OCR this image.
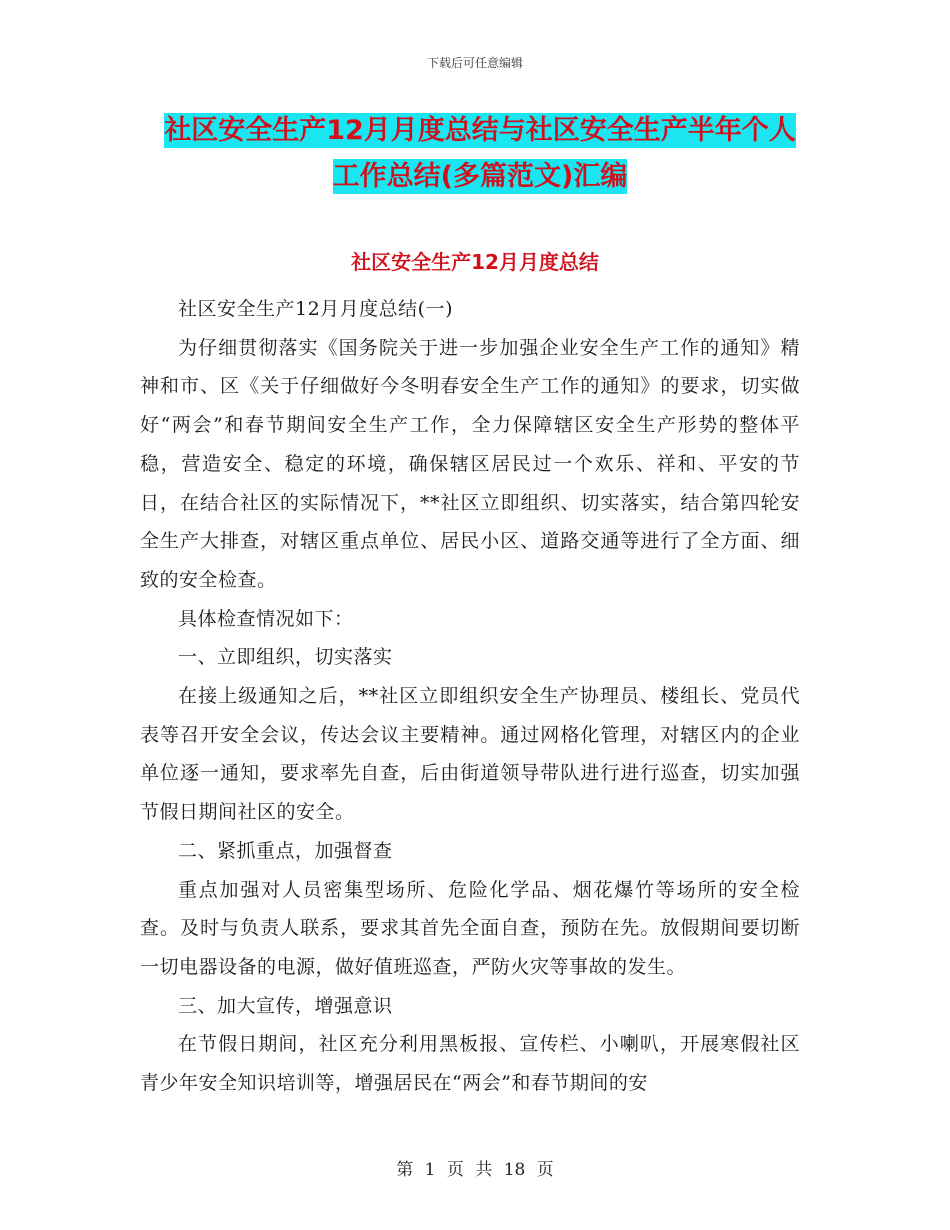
下载后可任意编辑
社区安全生产12月月度总结与社区安全生产半年个人
工作总结(多篇范文)汇编
社区安全生产12月月度总结

社区安全生产12月月度总结(一)

为仔细贯彻落实《国务院关于进一步加强企业安全生产工作的通知》精神和市、区《关于仔细做好今冬明春安全生产工作的通知》的要求，切实做好“两会”和春节期间安全生产工作，全力保障辖区安全生产形势的整体平稳，营造安全、稳定的环境，确保辖区居民过一个欢乐、祥和、平安的节日，在结合社区的实际情况下，**社区立即组织、切实落实，结合第四轮安全生产大排查，对辖区重点单位、居民小区、道路交通等进行了全方面、细致的安全检查。

具体检查情况如下：

一、立即组织，切实落实

在接上级通知之后，**社区立即组织安全生产协理员、楼组长、党员代表等召开安全会议，传达会议主要精神。通过网格化管理，对辖区内的企业单位逐一通知，要求率先自查，后由街道领导带队进行进行巡查，切实加强节假日期间社区的安全。

二、紧抓重点，加强督查

重点加强对人员密集型场所、危险化学品、烟花爆竹等场所的安全检查。及时与负责人联系，要求其首先全面自查，预防在先。放假期间要切断一切电器设备的电源，做好值班巡查，严防火灾等事故的发生。

三、加大宣传，增强意识

在节假日期间，社区充分利用黑板报、宣传栏、小喇叭，开展寒假社区青少年安全知识培训等，增强居民在“两会”和春节期间的安

第 1 页 共 18 页
